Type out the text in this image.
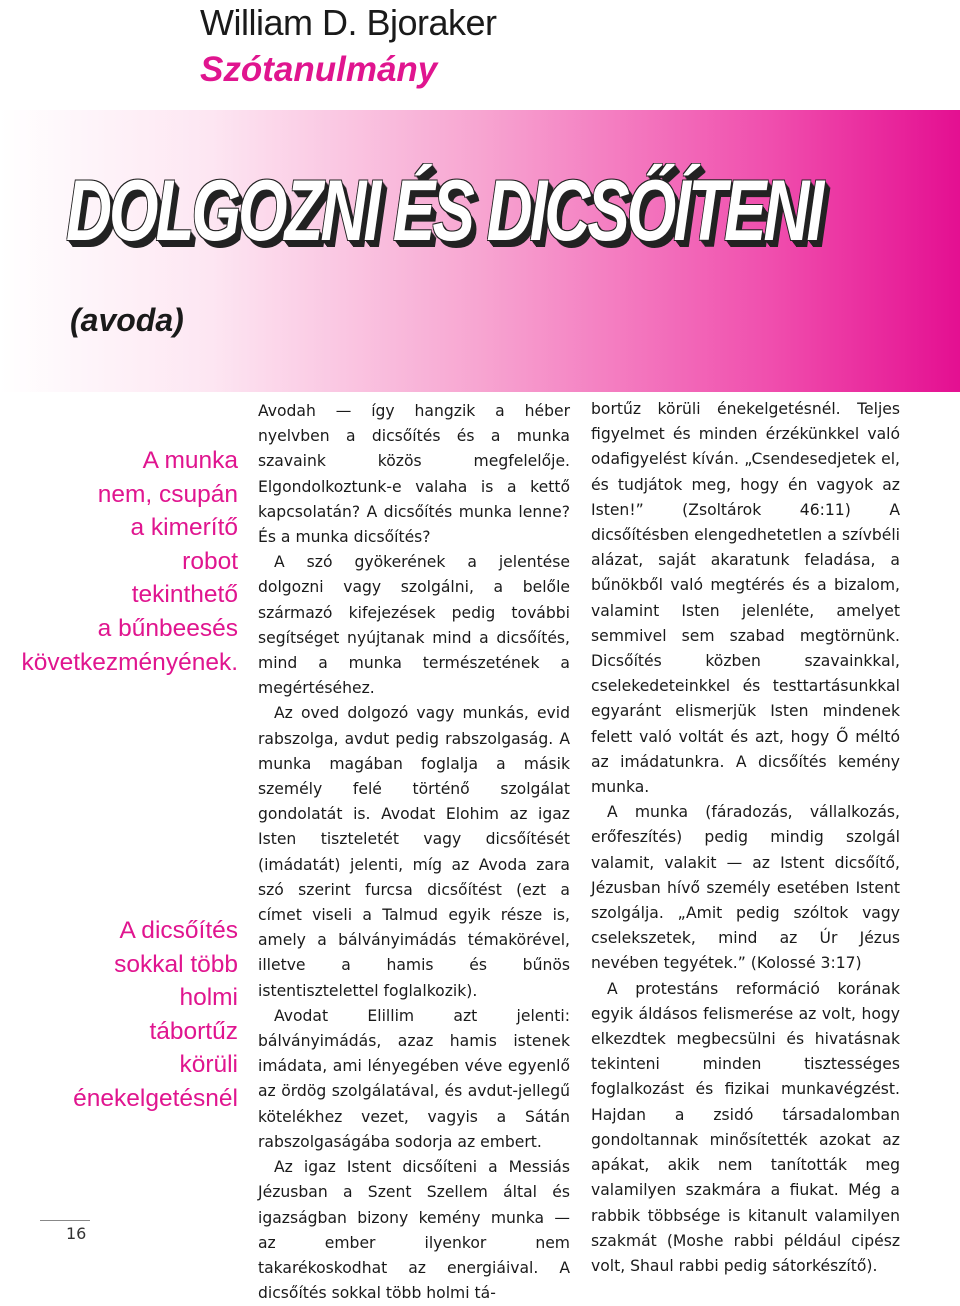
William D. Bjoraker
Szótanulmány
DOLGOZNI ÉS DICSŐÍTENI
(avoda)
A munka
nem, csupán
a kimerítő
robot
tekinthető
a bűnbeesés
következményének.
A dicsőítés
sokkal több
holmi
tábortűz
körüli
énekelgetésnél

Avodah — így hangzik a héber nyelvben a dicsőítés és a munka szavaink közös megfelelője. Elgondolkoztunk-e valaha is a kettő kapcsolatán? A dicsőítés munka lenne? És a munka dicsőítés?

A szó gyökerének a jelentése dolgozni vagy szolgálni, a belőle származó kifejezések pedig további segítséget nyújtanak mind a dicsőítés, mind a munka természetének a megértéséhez.

Az oved dolgozó vagy munkás, evid rabszolga, avdut pedig rabszolgaság. A munka magában foglalja a másik személy felé történő szolgálat gondolatát is. Avodat Elohim az igaz Isten tiszteletét vagy dicsőítését (imádatát) jelenti, míg az Avoda zara szó szerint furcsa dicsőítést (ezt a címet viseli a Talmud egyik része is, amely a bálványimádás témakörével, illetve a hamis és bűnös istentisztelettel foglalkozik).

Avodat Elillim azt jelenti: bálványimádás, azaz hamis istenek imádata, ami lényegében véve egyenlő az ördög szolgálatával, és avdut-jellegű kötelékhez vezet, vagyis a Sátán rabszolgaságába sodorja az embert.

Az igaz Istent dicsőíteni a Messiás Jézusban a Szent Szellem által és igazságban bizony kemény munka — az ember ilyenkor nem takarékoskodhat az energiáival. A dicsőítés sokkal több holmi tá-

bortűz körüli énekelgetésnél. Teljes figyelmet és minden érzékünkkel való odafigyelést kíván. „Csendesedjetek el, és tudjátok meg, hogy én vagyok az Isten!” (Zsoltárok 46:11) A dicsőítésben elengedhetetlen a szívbéli alázat, saját akaratunk feladása, a bűnökből való megtérés és a bizalom, valamint Isten jelenléte, amelyet semmivel sem szabad megtörnünk. Dicsőítés közben szavainkkal, cselekedeteinkkel és testtartásunkkal egyaránt elismerjük Isten mindenek felett való voltát és azt, hogy Ő méltó az imádatunkra. A dicsőítés kemény munka.

A munka (fáradozás, vállalkozás, erőfeszítés) pedig mindig szolgál valamit, valakit — az Istent dicsőítő, Jézusban hívő személy esetében Istent szolgálja. „Amit pedig szóltok vagy cselekszetek, mind az Úr Jézus nevében tegyétek.” (Kolossé 3:17)

A protestáns reformáció korának egyik áldásos felismerése az volt, hogy elkezdtek megbecsülni és hivatásnak tekinteni minden tisztességes foglalkozást és fizikai munkavégzést. Hajdan a zsidó társadalomban gondoltannak minősítették azokat az apákat, akik nem tanították meg valamilyen szakmára a fiukat. Még a rabbik többsége is kitanult valamilyen szakmát (Moshe rabbi például cipész volt, Shaul rabbi pedig sátorkészítő).

16
